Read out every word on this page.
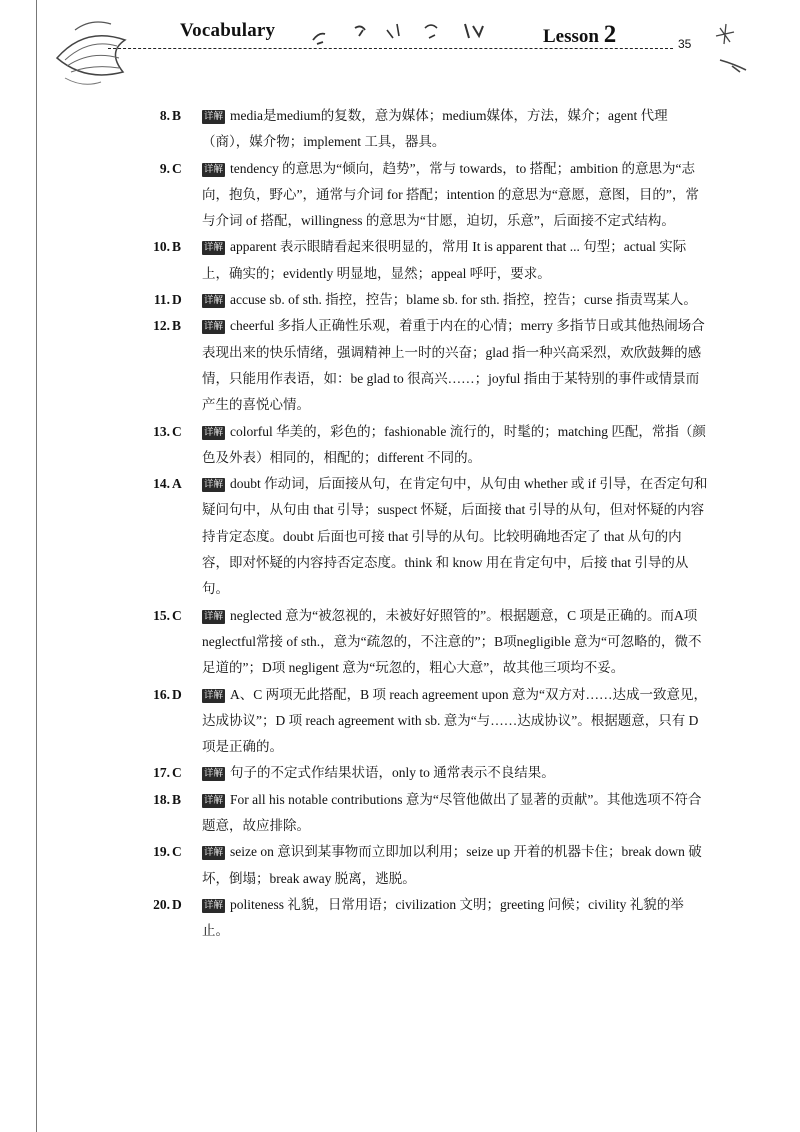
Vocabulary	Lesson 2	35
8. B	详解 media是medium的复数，意为媒体；medium媒体，方法，媒介；agent 代理（商），媒介物；implement 工具，器具。
9. C	详解 tendency 的意思为“倾向，趋势”，常与 towards，to 搭配；ambition 的意思为“志向，抱负，野心”，通常与介词 for 搭配；intention 的意思为“意愿，意图，目的”，常与介词 of 搭配，willingness 的意思为“甘愿，迫切，乐意”，后面接不定式结构。
10. B	详解 apparent 表示眼睛看起来很明显的，常用 It is apparent that ... 句型；actual 实际上，确实的；evidently 明显地，显然；appeal 呼吁，要求。
11. D	详解 accuse sb. of sth. 指控，控告；blame sb. for sth. 指控，控告；curse 指责骂某人。
12. B	详解 cheerful 多指人正确性乐观，着重于内在的心情；merry 多指节日或其他热闹场合表现出来的快乐情绪，强调精神上一时的兴奋；glad 指一种兴高采烈，欢欣鼓舞的感情，只能用作表语，如：be glad to 很高兴……；joyful 指由于某特别的事件或情景而产生的喜悦心情。
13. C	详解 colorful 华美的，彩色的；fashionable 流行的，时髦的；matching 匹配，常指（颜色及外表）相同的，相配的；different 不同的。
14. A	详解 doubt 作动词，后面接从句，在肯定句中，从句由 whether 或 if 引导，在否定句和疑问句中，从句由 that 引导；suspect 怀疑，后面接 that 引导的从句，但对怀疑的内容持肯定态度。doubt 后面也可接 that 引导的从句。比较明确地否定了 that 从句的内容，即对怀疑的内容持否定态度。think 和 know 用在肯定句中，后接 that 引导的从句。
15. C	详解 neglected 意为“被忽视的，未被好好照管的”。根据题意，C 项是正确的。而A项neglectful常接 of sth.，意为“疏忽的，不注意的”；B项negligible 意为“可忽略的，微不足道的”；D项 negligent 意为“玩忽的，粗心大意”，故其他三项均不妥。
16. D	详解 A、C 两项无此搭配，B 项 reach agreement upon 意为“双方对……达成一致意见，达成协议”；D 项 reach agreement with sb. 意为“与……达成协议”。根据题意，只有 D 项是正确的。
17. C	详解 句子的不定式作结果状语，only to 通常表示不良结果。
18. B	详解 For all his notable contributions 意为“尽管他做出了显著的贡献”。其他选项不符合题意，故应排除。
19. C	详解 seize on 意识到某事物而立即加以利用；seize up 开着的机器卡住；break down 破坏，倒塌；break away 脱离，逃脱。
20. D	详解 politeness 礼貌，日常用语；civilization 文明；greeting 问候；civility 礼貌的举止。
